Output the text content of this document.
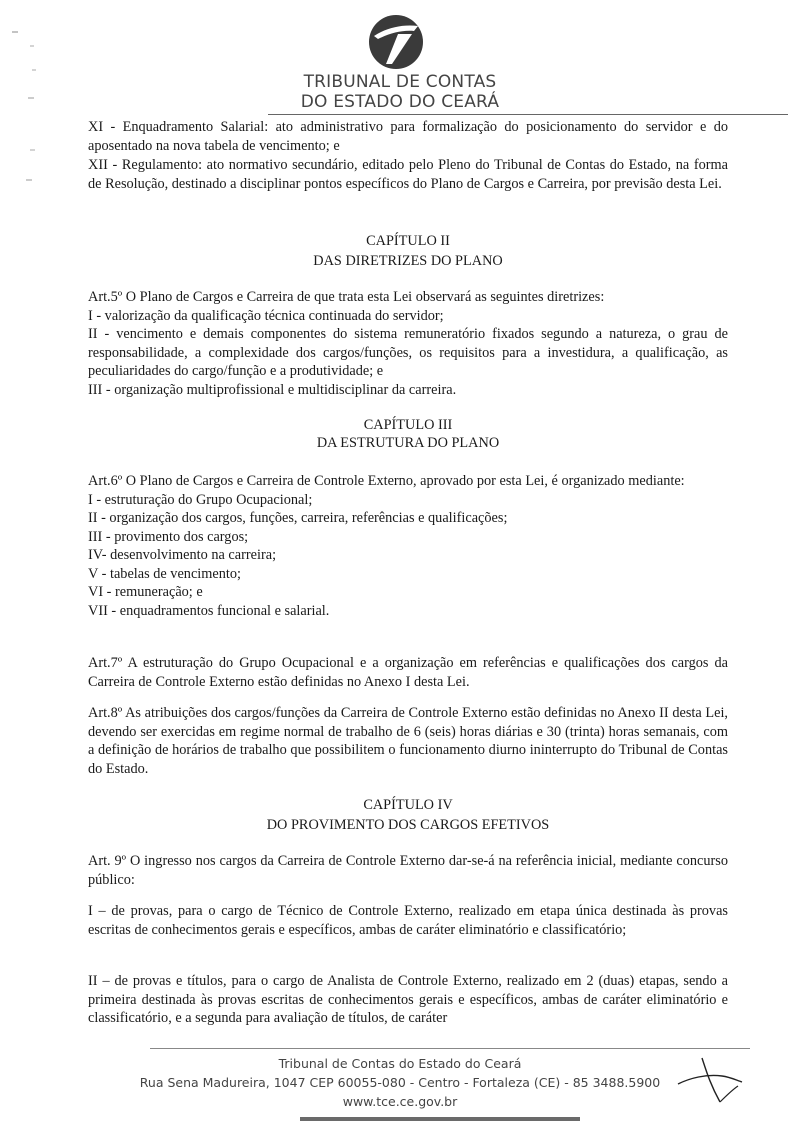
TRIBUNAL DE CONTAS
DO ESTADO DO CEARÁ
XI - Enquadramento Salarial: ato administrativo para formalização do posicionamento do servidor e do aposentado na nova tabela de vencimento; e
XII - Regulamento: ato normativo secundário, editado pelo Pleno do Tribunal de Contas do Estado, na forma de Resolução, destinado a disciplinar pontos específicos do Plano de Cargos e Carreira, por previsão desta Lei.
CAPÍTULO II
DAS DIRETRIZES DO PLANO

Art.5º O Plano de Cargos e Carreira de que trata esta Lei observará as seguintes diretrizes:

I - valorização da qualificação técnica continuada do servidor;

II - vencimento e demais componentes do sistema remuneratório fixados segundo a natureza, o grau de responsabilidade, a complexidade dos cargos/funções, os requisitos para a investidura, a qualificação, as peculiaridades do cargo/função e a produtividade; e

III - organização multiprofissional e multidisciplinar da carreira.

CAPÍTULO III
DA ESTRUTURA DO PLANO

Art.6º O Plano de Cargos e Carreira de Controle Externo, aprovado por esta Lei, é organizado mediante:

I - estruturação do Grupo Ocupacional;

II - organização dos cargos, funções, carreira, referências e qualificações;

III - provimento dos cargos;

IV- desenvolvimento na carreira;

V - tabelas de vencimento;

VI - remuneração; e

VII - enquadramentos funcional e salarial.

Art.7º A estruturação do Grupo Ocupacional e a organização em referências e qualificações dos cargos da Carreira de Controle Externo estão definidas no Anexo I desta Lei.
Art.8º As atribuições dos cargos/funções da Carreira de Controle Externo estão definidas no Anexo II desta Lei, devendo ser exercidas em regime normal de trabalho de 6 (seis) horas diárias e 30 (trinta) horas semanais, com a definição de horários de trabalho que possibilitem o funcionamento diurno ininterrupto do Tribunal de Contas do Estado.
CAPÍTULO IV
DO PROVIMENTO DOS CARGOS EFETIVOS
Art. 9º O ingresso nos cargos da Carreira de Controle Externo dar-se-á na referência inicial, mediante concurso público:
I – de provas, para o cargo de Técnico de Controle Externo, realizado em etapa única destinada às provas escritas de conhecimentos gerais e específicos, ambas de caráter eliminatório e classificatório;
II – de provas e títulos, para o cargo de Analista de Controle Externo, realizado em 2 (duas) etapas, sendo a primeira destinada às provas escritas de conhecimentos gerais e específicos, ambas de caráter eliminatório e classificatório, e a segunda para avaliação de títulos, de caráter
Tribunal de Contas do Estado do Ceará
Rua Sena Madureira, 1047 CEP 60055-080 - Centro - Fortaleza (CE) - 85 3488.5900
www.tce.ce.gov.br
